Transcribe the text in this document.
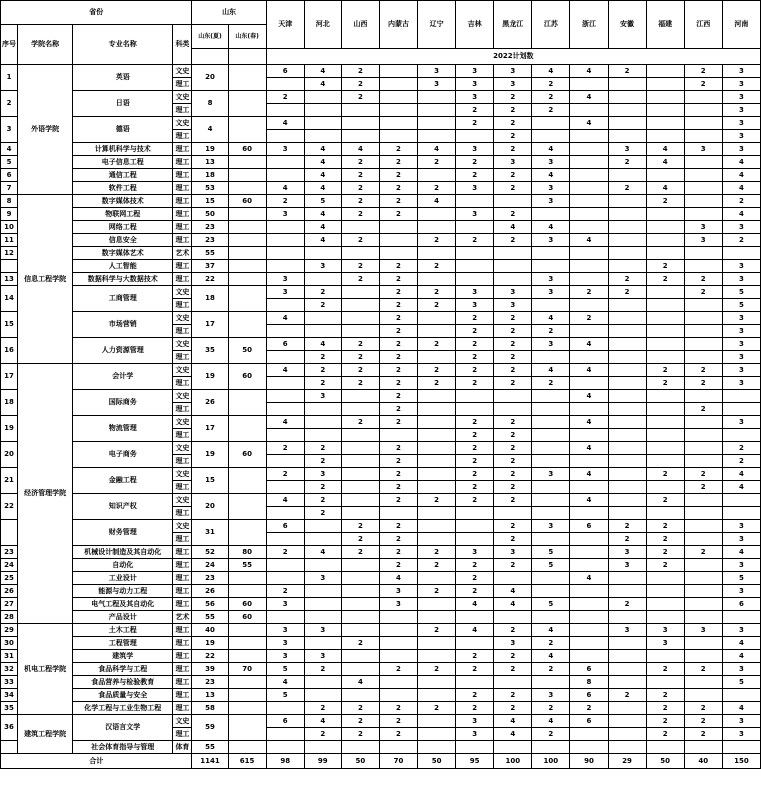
省份				山东		天津	河北	山西	内蒙古	辽宁	吉林	黑龙江	江苏	浙江	安徽	福建	江西	河南
序号	学院名称	专业名称	科类	山东(夏)	山东(春)													
						2022计划数												
1	外语学院	英语	文史	20		6	4	2		3	3	3	4	4	2		2	3
			理工				4	2		3	3	3	2				2	3
2		日语	文史	8		2		2			3	2	2	4				3
			理工								2	2	2					3
3		德语	文史	4		4					2	2		4				3
			理工									2						3
4		计算机科学与技术	理工	19	60	3	4	4	2	4	3	2	4		3	4	3	3
5		电子信息工程	理工	13			4	2	2	2	2	3	3		2	4		4
6		通信工程	理工	18			4	2	2		2	2	4					4
7		软件工程	理工	53		4	4	2	2	2	3	2	3		2	4		4
8	信息工程学院	数字媒体技术	理工	15	60	2	5	2	2	4			3			2		2
9		物联网工程	理工	50		3	4	2	2		3	2						4
10		网络工程	理工	23			4					4	4				3	3
11		信息安全	理工	23			4	2		2	2	2	3	4			3	2
12		数字媒体艺术	艺术	55														
		人工智能	理工	37			3	2	2	2						2		3
13		数据科学与大数据技术	理工	22		3		2	2				3		2	2	2	3
14		工商管理	文史	18		3	2		2	2	3	3	3	2	2		2	5
			理工				2		2	2	3	3						5
15		市场营销	文史	17		4			2		2	2	4	2				3
			理工						2		2	2	2					3
16		人力资源管理	文史	35	50	6	4	2	2	2	2	2	3	4				3
			理工				2	2	2		2	2						3
17	经济管理学院	会计学	文史	19	60	4	2	2	2	2	2	2	4	4		2	2	3
			理工				2	2	2	2	2	2	2			2	2	3
18		国际商务	文史	26			3		2					4				
			理工						2								2	
19		物流管理	文史	17		4		2	2		2	2		4				3
			理工								2	2						
20		电子商务	文史	19	60	2	2		2		2	2		4				2
			理工				2		2		2	2						2
21		金融工程	文史	15		2	3		2		2	2	3	4		2	2	4
			理工				2		2		2	2					2	4
22		知识产权	文史	20		4	2		2	2	2	2		4		2		
			理工				2											
		财务管理	文史	31		6		2	2			2	3	6	2	2		3
			理工					2	2			2			2	2		3
23		机械设计制造及其自动化	理工	52	80	2	4	2	2	2	3	3	5		3	2	2	4
24		自动化	理工	24	55				2	2	2	2	5		3	2		3
25		工业设计	理工	23			3		4		2			4				5
26		能源与动力工程	理工	26		2			3	2	2	4						3
27		电气工程及其自动化	理工	56	60	3			3		4	4	5		2			6
28		产品设计	艺术	55	60													
29	机电工程学院	土木工程	理工	40		3	3			2	4	2	4		3	3	3	3
30		工程管理	理工	19		3		2				3	2			3		4
31		建筑学	理工	22		3	3				2	2	4					4
32		食品科学与工程	理工	39	70	5	2		2	2	2	2	2	6		2	2	3
33		食品营养与检验教育	理工	23		4		4						8				5
34		食品质量与安全	理工	13		5					2	2	3	6	2	2		
35		化学工程与工业生物工程	理工	58			2	2	2	2	2	2	2	2		2	2	4
36	建筑工程学院	汉语言文学	文史	59		6	4	2	2		3	4	4	6		2	2	3
			理工				2	2	2		3	4	2			2	2	3
		社会体育指导与管理	体育	55														
合计				1141	615	98	99	50	70	50	95	100	100	90	29	50	40	150
